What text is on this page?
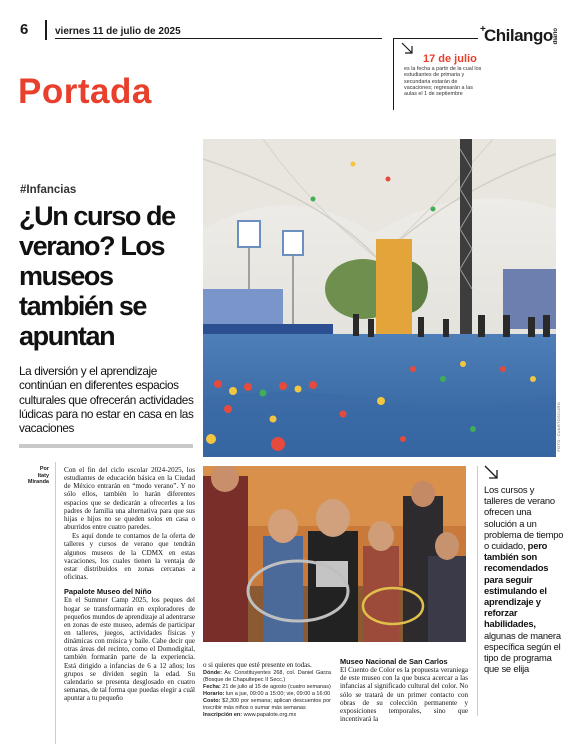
6	viernes 11 de julio de 2025	+
Chilango diario
17 de julio
es la fecha a partir de la cual los estudiantes de primaria y secundaria estarán de vacaciones; regresarán a las aulas el 1 de septiembre
Portada
FOTO: CUARTOSCURO
#Infancias
¿Un curso de verano? Los museos también se apuntan
La diversión y el aprendizaje continúan en diferentes espacios culturales que ofrecerán actividades lúdicas para no estar en casa en las vacaciones
Por
Itaty Miranda

Con el fin del ciclo escolar 2024-2025, los estudiantes de educación básica en la Ciudad de México entrarán en “modo verano”. Y no sólo ellos, también lo harán diferentes espacios que se dedicarán a ofrecerles a los padres de familia una alternativa para que sus hijas e hijos no se queden solos en casa o aburridos entre cuatro paredes.

Es aquí donde te contamos de la oferta de talleres y cursos de verano que tendrán algunos museos de la CDMX en estas vacaciones, los cuales tienen la ventaja de estar distribuidos en zonas cercanas a oficinas.

Papalote Museo del Niño

En el Summer Camp 2025, los peques del hogar se transformarán en exploradores de pequeños mundos de aprendizaje al adentrarse en zonas de este museo, además de participar en talleres, juegos, actividades físicas y dinámicas con música y baile. Cabe decir que otras áreas del recinto, como el Domodigital, también formarán parte de la experiencia. Está dirigido a infancias de 6 a 12 años; los grupos se dividen según la edad. Su calendario se presenta desglosado en cuatro semanas, de tal forma que puedas elegir a cuál apuntar a tu pequeño

o si quieres que esté presente en todas.

Dónde: Av. Constituyentes 268, col. Daniel Garza (Bosque de Chapultepec II Secc.)
Fecha: 21 de julio al 15 de agosto (cuatro semanas)
Horario: lun a jue, 09:00 a 15:00; vie, 09:00 a 16:00
Costo: $2,300 por semana; aplican descuentos por inscribir más niños o sumar más semanas
Inscripción en: www.papalote.org.mx
Museo Nacional de San Carlos

El Cuento de Color es la propuesta veraniega de este museo con la que busca acercar a las infancias al significado cultural del color. No sólo se tratará de un primer contacto con obras de su colección permanente y exposiciones temporales, sino que incentivará la

Los cursos y talleres de verano ofrecen una solución a un problema de tiempo o cuidado, pero también son recomendados para seguir estimulando el aprendizaje y reforzar habilidades, algunas de manera específica según el tipo de programa que se elija
